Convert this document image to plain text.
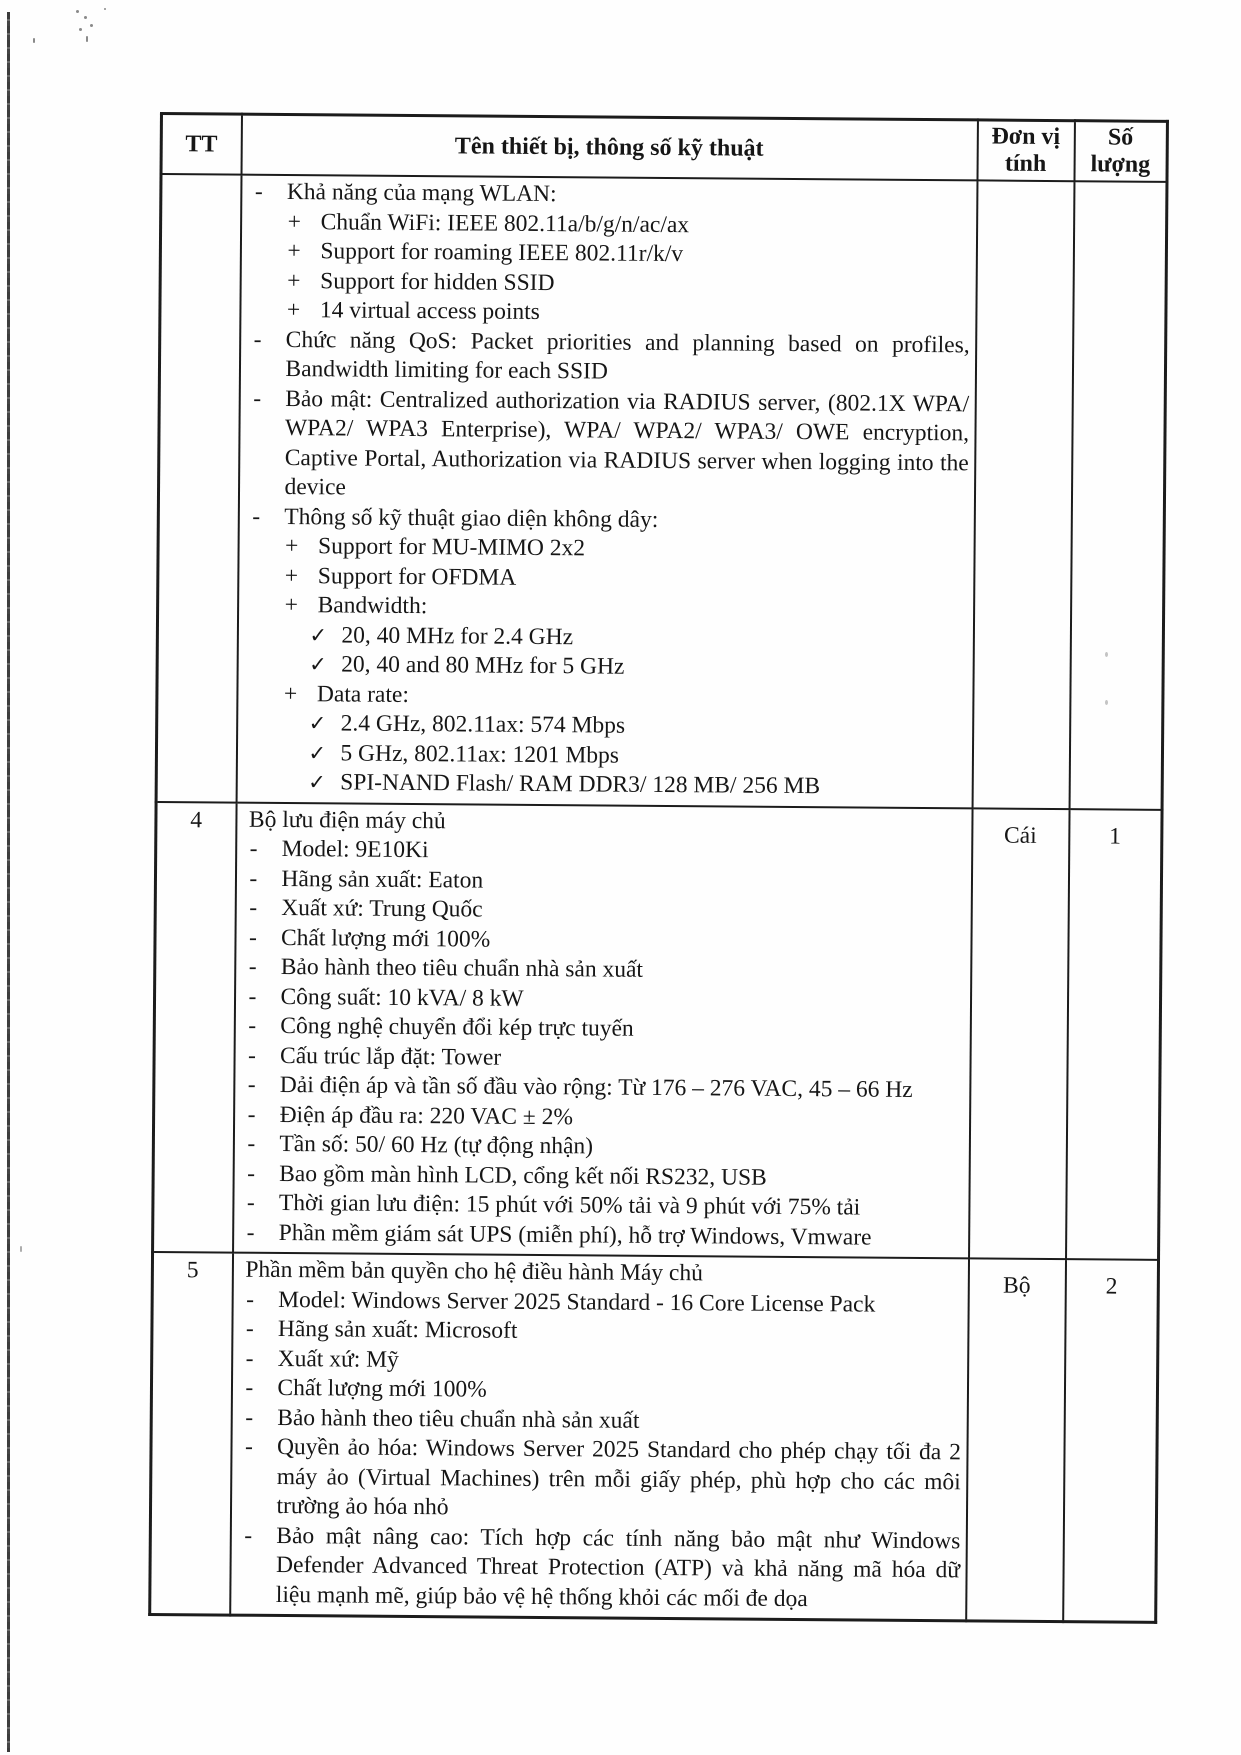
TT	Tên thiết bị, thông số kỹ thuật	Đơn vị tính	Số lượng

- Khả năng của mạng WLAN:
+ Chuẩn WiFi: IEEE 802.11a/b/g/n/ac/ax
+ Support for roaming IEEE 802.11r/k/v
+ Support for hidden SSID
+ 14 virtual access points
- Chức năng QoS: Packet priorities and planning based on profiles, Bandwidth limiting for each SSID
- Bảo mật: Centralized authorization via RADIUS server, (802.1X WPA/ WPA2/ WPA3 Enterprise), WPA/ WPA2/ WPA3/ OWE encryption, Captive Portal, Authorization via RADIUS server when logging into the device
- Thông số kỹ thuật giao diện không dây:
+ Support for MU-MIMO 2x2
+ Support for OFDMA
+ Bandwidth:
✓ 20, 40 MHz for 2.4 GHz
✓ 20, 40 and 80 MHz for 5 GHz
+ Data rate:
✓ 2.4 GHz, 802.11ax: 574 Mbps
✓ 5 GHz, 802.11ax: 1201 Mbps
✓ SPI-NAND Flash/ RAM DDR3/ 128 MB/ 256 MB

4	Bộ lưu điện máy chủ
- Model: 9E10Ki
- Hãng sản xuất: Eaton
- Xuất xứ: Trung Quốc
- Chất lượng mới 100%
- Bảo hành theo tiêu chuẩn nhà sản xuất
- Công suất: 10 kVA/ 8 kW
- Công nghệ chuyển đổi kép trực tuyến
- Cấu trúc lắp đặt: Tower
- Dải điện áp và tần số đầu vào rộng: Từ 176 – 276 VAC, 45 – 66 Hz
- Điện áp đầu ra: 220 VAC ± 2%
- Tần số: 50/ 60 Hz (tự động nhận)
- Bao gồm màn hình LCD, cổng kết nối RS232, USB
- Thời gian lưu điện: 15 phút với 50% tải và 9 phút với 75% tải
- Phần mềm giám sát UPS (miễn phí), hỗ trợ Windows, Vmware
	Cái	1
5	Phần mềm bản quyền cho hệ điều hành Máy chủ
- Model: Windows Server 2025 Standard - 16 Core License Pack
- Hãng sản xuất: Microsoft
- Xuất xứ: Mỹ
- Chất lượng mới 100%
- Bảo hành theo tiêu chuẩn nhà sản xuất
- Quyền ảo hóa: Windows Server 2025 Standard cho phép chạy tối đa 2 máy ảo (Virtual Machines) trên mỗi giấy phép, phù hợp cho các môi trường ảo hóa nhỏ
- Bảo mật nâng cao: Tích hợp các tính năng bảo mật như Windows Defender Advanced Threat Protection (ATP) và khả năng mã hóa dữ liệu mạnh mẽ, giúp bảo vệ hệ thống khỏi các mối đe dọa
	Bộ	2
